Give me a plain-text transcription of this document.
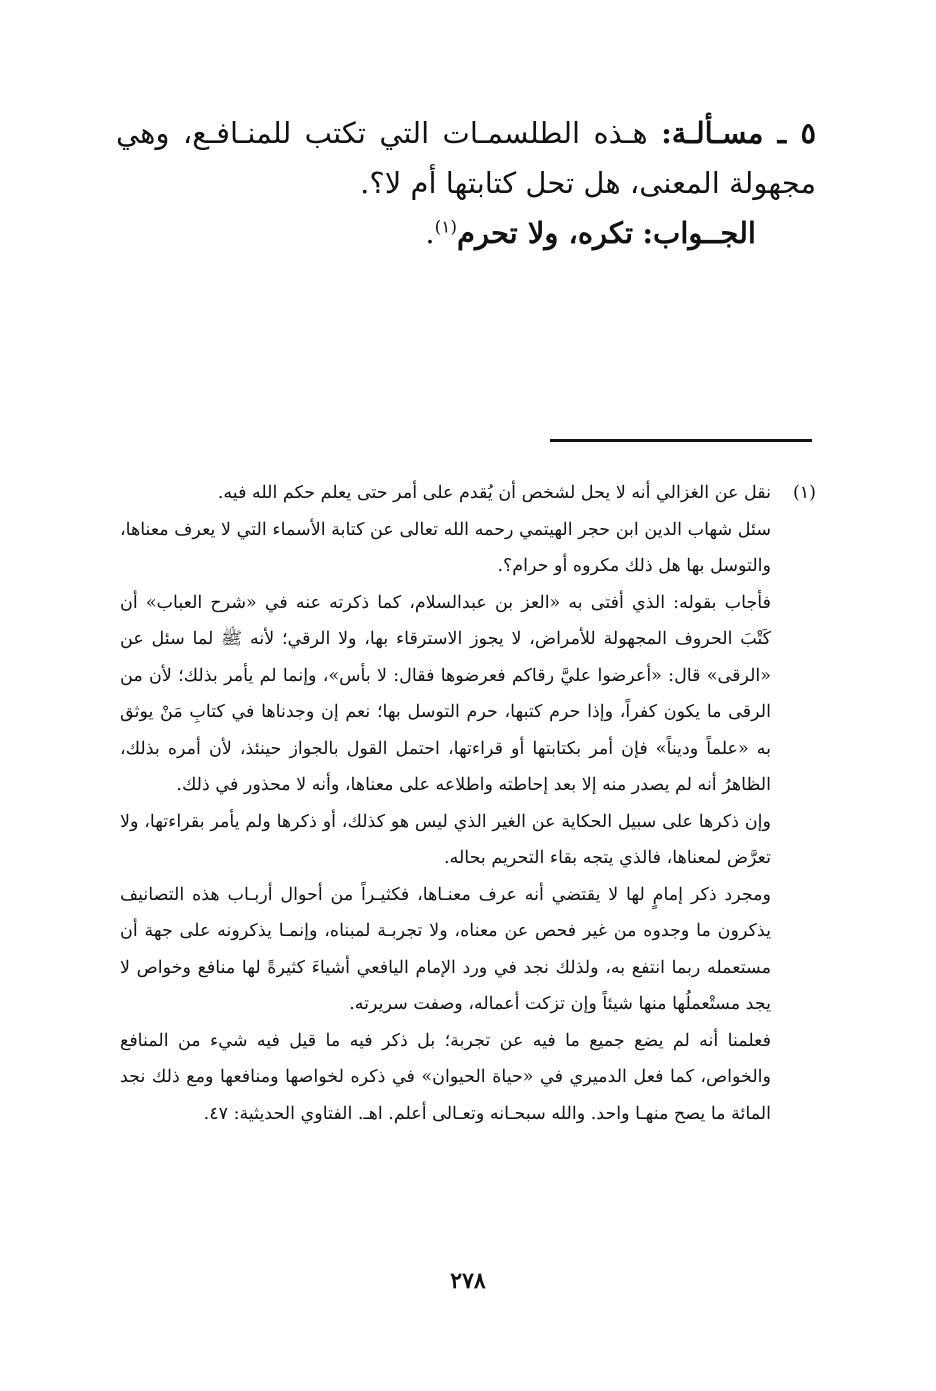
٥ ـ مسـألـة: هـذه الطلسمـات التي تكتب للمنـافـع، وهي مجهولة المعنى، هل تحل كتابتها أم لا؟.

الجــواب: تكره، ولا تحرم$^{(١)}$.

(١)

نقل عن الغزالي أنه لا يحل لشخص أن يُقدم على أمر حتى يعلم حكم الله فيه.

سئل شهاب الدين ابن حجر الهيتمي رحمه الله تعالى عن كتابة الأسماء التي لا يعرف معناها، والتوسل بها هل ذلك مكروه أو حرام؟.

فأجاب بقوله: الذي أفتى به «العز بن عبدالسلام، كما ذكرته عنه في «شرح العباب» أن كَتْبَ الحروف المجهولة للأمراض، لا يجوز الاسترقاء بها، ولا الرقي؛ لأنه ﷺ لما سئل عن «الرقى» قال: «أعرضوا عليَّ رقاكم فعرضوها فقال: لا بأس»، وإنما لم يأمر بذلك؛ لأن من الرقى ما يكون كفراً، وإذا حرم كتبها، حرم التوسل بها؛ نعم إن وجدناها في كتابِ مَنْ يوثق به «علماً وديناً» فإن أمر بكتابتها أو قراءتها، احتمل القول بالجواز حينئذ، لأن أمره بذلك، الظاهرُ أنه لم يصدر منه إلا بعد إحاطته واطلاعه على معناها، وأنه لا محذور في ذلك.

وإن ذكرها على سبيل الحكاية عن الغير الذي ليس هو كذلك، أو ذكرها ولم يأمر بقراءتها، ولا تعرَّض لمعناها، فالذي يتجه بقاء التحريم بحاله.

ومجرد ذكر إمامٍ لها لا يقتضي أنه عرف معنـاها، فكثيـراً من أحوال أربـاب هذه التصانيف يذكرون ما وجدوه من غير فحص عن معناه، ولا تجربـة لمبناه، وإنمـا يذكرونه على جهة أن مستعمله ربما انتفع به، ولذلك نجد في ورد الإمام اليافعي أشياءَ كثيرةً لها منافع وخواص لا يجد مستْعملُها منها شيئاً وإن تزكت أعماله، وصفت سريرته.

فعلمنا أنه لم يضع جميع ما فيه عن تجربة؛ بل ذكر فيه ما قيل فيه شيء من المنافع والخواص، كما فعل الدميري في «حياة الحيوان» في ذكره لخواصها ومنافعها ومع ذلك نجد المائة ما يصح منهـا واحد. والله سبحـانه وتعـالى أعلم. اهـ. الفتاوي الحديثية: ٤٧.

٢٧٨
